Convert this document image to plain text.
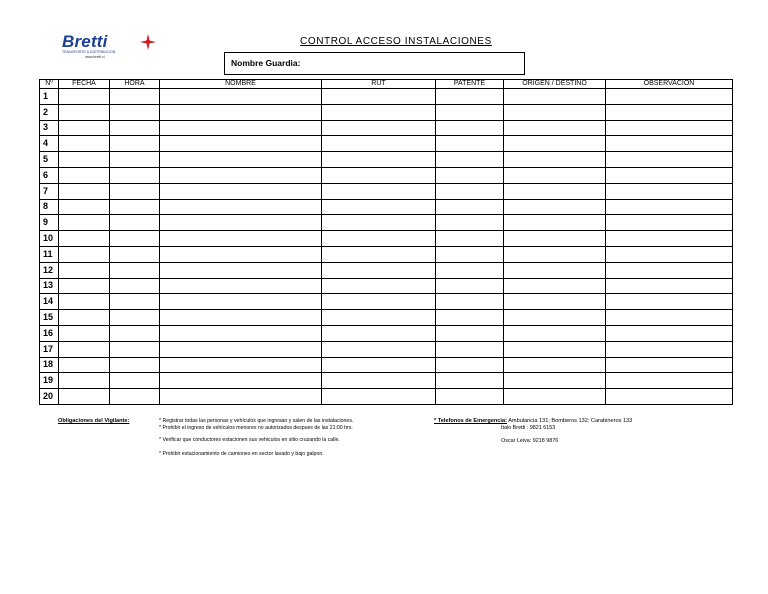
Bretti
TRANSPORTE & DISTRIBUCION
www.bretti.cl
CONTROL ACCESO INSTALACIONES
Nombre Guardia:
Nº	FECHA	HORA	NOMBRE	RUT	PATENTE	ORIGEN / DESTINO	OBSERVACION
1							
2							
3							
4							
5							
6							
7							
8							
9							
10							
11							
12							
13							
14							
15							
16							
17							
18							
19							
20							
Obligaciones del Vigilante:	* Registrar todas las personas y vehículos que ingresan y salen de las instalaciones.
* Prohibir el ingreso de vehículos menores no autorizados despues de las 21:00 hrs.
* Verificar que conductores estacionen sus vehiculos en sitio cruzando la calle.
* Prohibir estacionamiento de camiones en sector lavado y bajo galpon.
* Telefonos de Emergencia: Ambulancia 131; Bomberos 132; Carabineros 133
Italo Bretti : 9821 6153
Oscar Leiva: 9218 9876
